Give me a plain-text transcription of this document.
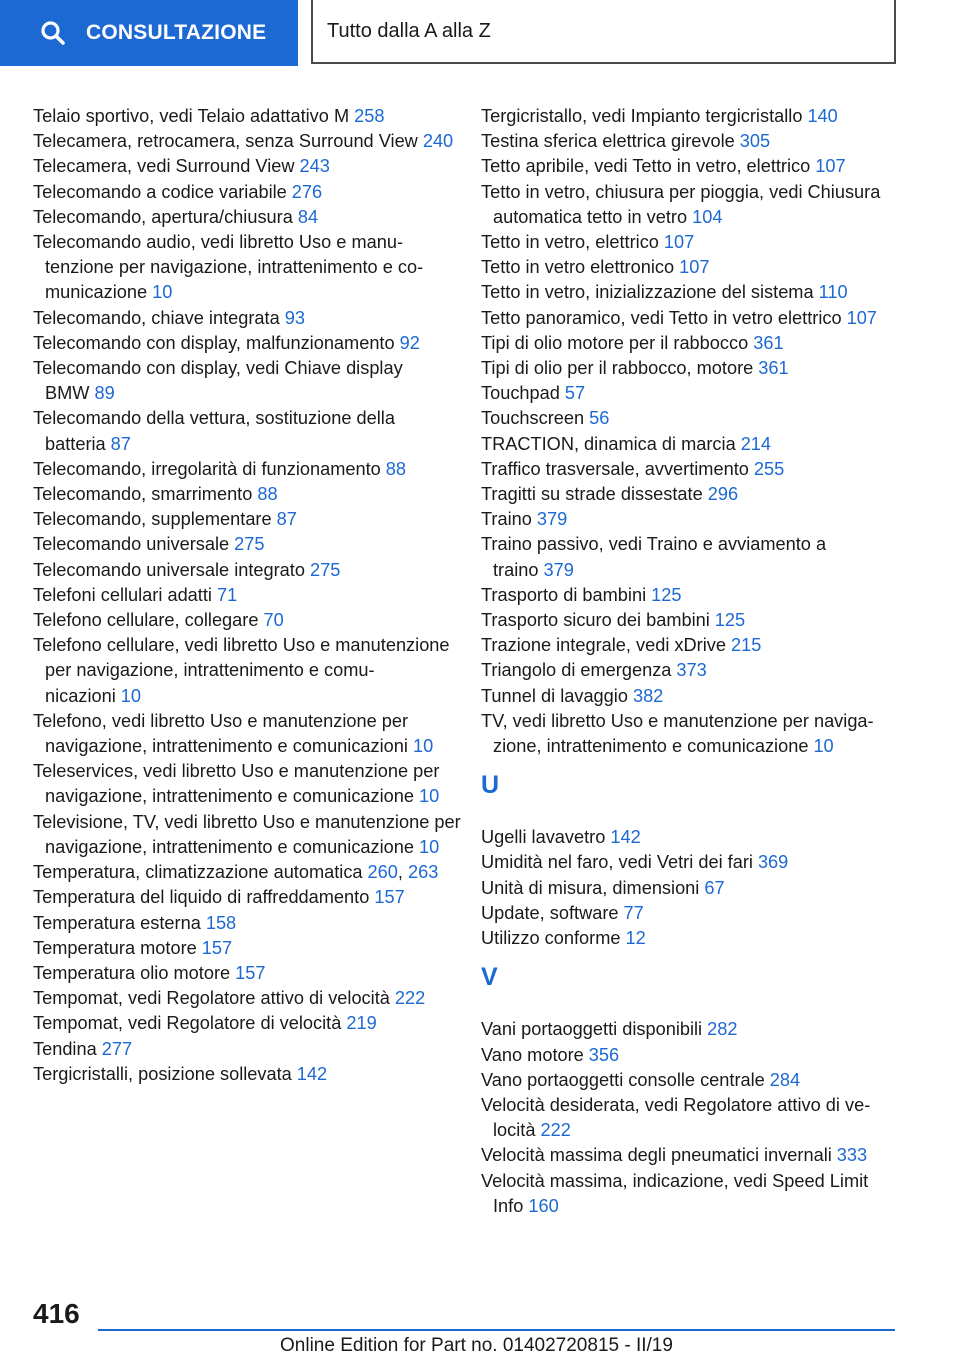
CONSULTAZIONE	Tutto dalla A alla Z
Telaio sportivo, vedi Telaio adattativo M 258
Telecamera, retrocamera, senza Surround View 240
Telecamera, vedi Surround View 243
Telecomando a codice variabile 276
Telecomando, apertura/chiusura 84
Telecomando audio, vedi libretto Uso e manutenzione per navigazione, intrattenimento e comunicazione 10
Telecomando, chiave integrata 93
Telecomando con display, malfunzionamento 92
Telecomando con display, vedi Chiave display BMW 89
Telecomando della vettura, sostituzione della batteria 87
Telecomando, irregolarità di funzionamento 88
Telecomando, smarrimento 88
Telecomando, supplementare 87
Telecomando universale 275
Telecomando universale integrato 275
Telefoni cellulari adatti 71
Telefono cellulare, collegare 70
Telefono cellulare, vedi libretto Uso e manutenzione per navigazione, intrattenimento e comunicazioni 10
Telefono, vedi libretto Uso e manutenzione per navigazione, intrattenimento e comunicazioni 10
Teleservices, vedi libretto Uso e manutenzione per navigazione, intrattenimento e comunicazione 10
Televisione, TV, vedi libretto Uso e manutenzione per navigazione, intrattenimento e comunicazione 10
Temperatura, climatizzazione automatica 260, 263
Temperatura del liquido di raffreddamento 157
Temperatura esterna 158
Temperatura motore 157
Temperatura olio motore 157
Tempomat, vedi Regolatore attivo di velocità 222
Tempomat, vedi Regolatore di velocità 219
Tendina 277
Tergicristalli, posizione sollevata 142
Tergicristallo, vedi Impianto tergicristallo 140
Testina sferica elettrica girevole 305
Tetto apribile, vedi Tetto in vetro, elettrico 107
Tetto in vetro, chiusura per pioggia, vedi Chiusura automatica tetto in vetro 104
Tetto in vetro, elettrico 107
Tetto in vetro elettronico 107
Tetto in vetro, inizializzazione del sistema 110
Tetto panoramico, vedi Tetto in vetro elettrico 107
Tipi di olio motore per il rabbocco 361
Tipi di olio per il rabbocco, motore 361
Touchpad 57
Touchscreen 56
TRACTION, dinamica di marcia 214
Traffico trasversale, avvertimento 255
Tragitti su strade dissestate 296
Traino 379
Traino passivo, vedi Traino e avviamento a traino 379
Trasporto di bambini 125
Trasporto sicuro dei bambini 125
Trazione integrale, vedi xDrive 215
Triangolo di emergenza 373
Tunnel di lavaggio 382
TV, vedi libretto Uso e manutenzione per navigazione, intrattenimento e comunicazione 10
U
Ugelli lavavetro 142
Umidità nel faro, vedi Vetri dei fari 369
Unità di misura, dimensioni 67
Update, software 77
Utilizzo conforme 12
V
Vani portaoggetti disponibili 282
Vano motore 356
Vano portaoggetti consolle centrale 284
Velocità desiderata, vedi Regolatore attivo di velocità 222
Velocità massima degli pneumatici invernali 333
Velocità massima, indicazione, vedi Speed Limit Info 160
416
Online Edition for Part no. 01402720815 - II/19
